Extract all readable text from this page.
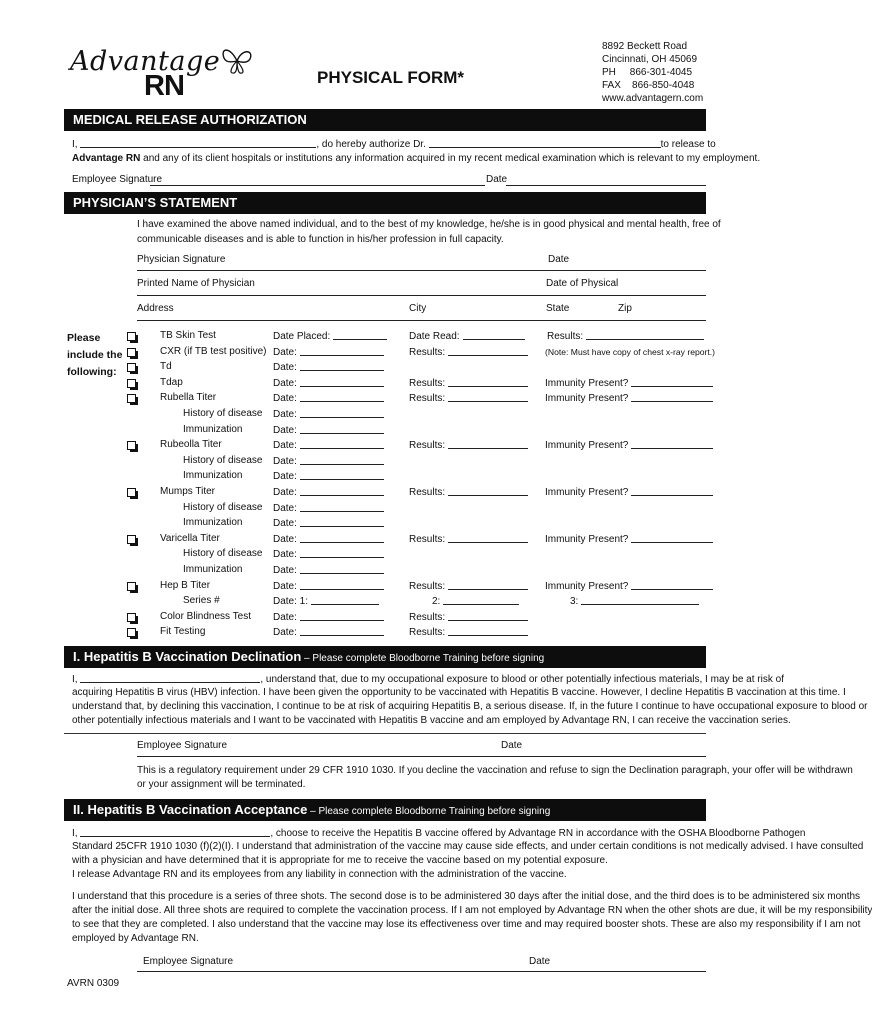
Advantage
RN	PHYSICAL FORM*
8892 Beckett Road
Cincinnati, OH 45069
PH     866-301-4045
FAX    866-850-4048
www.advantagern.com
MEDICAL RELEASE AUTHORIZATION
I,	, do hereby authorize Dr.	to release to
Advantage RN and any of its client hospitals or institutions any information acquired in my recent medical examination which is relevant to my employment.
Employee Signature	Date
PHYSICIAN’S STATEMENT
I have examined the above named individual, and to the best of my knowledge, he/she is in good physical and mental health, free of
communicable diseases and is able to function in his/her profession in full capacity.
Physician Signature	Date
Printed Name of Physician	Date of Physical
Address	City	State	Zip
Please
include the
following:
TB Skin Test	Date Placed:	Date Read:	Results:
CXR (if TB test positive) Date:	Results:	(Note: Must have copy of chest x-ray report.)
Td	Date:
Tdap	Date:	Results:	Immunity Present?
Rubella Titer	Date:	Results:	Immunity Present?
History of disease Date:
Immunization	Date:
Rubeolla Titer	Date:	Results:	Immunity Present?
History of disease Date:
Immunization	Date:
Mumps Titer	Date:	Results:	Immunity Present?
History of disease Date:
Immunization	Date:
Varicella Titer	Date:	Results:	Immunity Present?
History of disease Date:
Immunization	Date:
Hep B Titer	Date:	Results:	Immunity Present?
Series #	Date: 1:	2:	3:
Color Blindness Test Date:	Results:
Fit Testing	Date:	Results:
I. Hepatitis B Vaccination Declination – Please complete Bloodborne Training before signing
I,	, understand that, due to my occupational exposure to blood or other potentially infectious materials, I may be at risk of
acquiring Hepatitis B virus (HBV) infection. I have been given the opportunity to be vaccinated with Hepatitis B vaccine. However, I decline Hepatitis B vaccination at this time. I
understand that, by declining this vaccination, I continue to be at risk of acquiring Hepatitis B, a serious disease. If, in the future I continue to have occupational exposure to blood or
other potentially infectious materials and I want to be vaccinated with Hepatitis B vaccine and am employed by Advantage RN, I can receive the vaccination series.
Employee Signature	Date
This is a regulatory requirement under 29 CFR 1910 1030. If you decline the vaccination and refuse to sign the Declination paragraph, your offer will be withdrawn
or your assignment will be terminated.
II. Hepatitis B Vaccination Acceptance – Please complete Bloodborne Training before signing
I,	, choose to receive the Hepatitis B vaccine offered by Advantage RN in accordance with the OSHA Bloodborne Pathogen
Standard 25CFR 1910 1030 (f)(2)(I). I understand that administration of the vaccine may cause side effects, and under certain conditions is not medically advised. I have consulted
with a physician and have determined that it is appropriate for me to receive the vaccine based on my potential exposure.
I release Advantage RN and its employees from any liability in connection with the administration of the vaccine.
I understand that this procedure is a series of three shots. The second dose is to be administered 30 days after the initial dose, and the third does is to be administered six months
after the initial dose. All three shots are required to complete the vaccination process. If I am not employed by Advantage RN when the other shots are due, it will be my responsibility
to see that they are completed. I also understand that the vaccine may lose its effectiveness over time and may required booster shots. These are also my responsibility if I am not
employed by Advantage RN.
Employee Signature	Date
AVRN 0309
